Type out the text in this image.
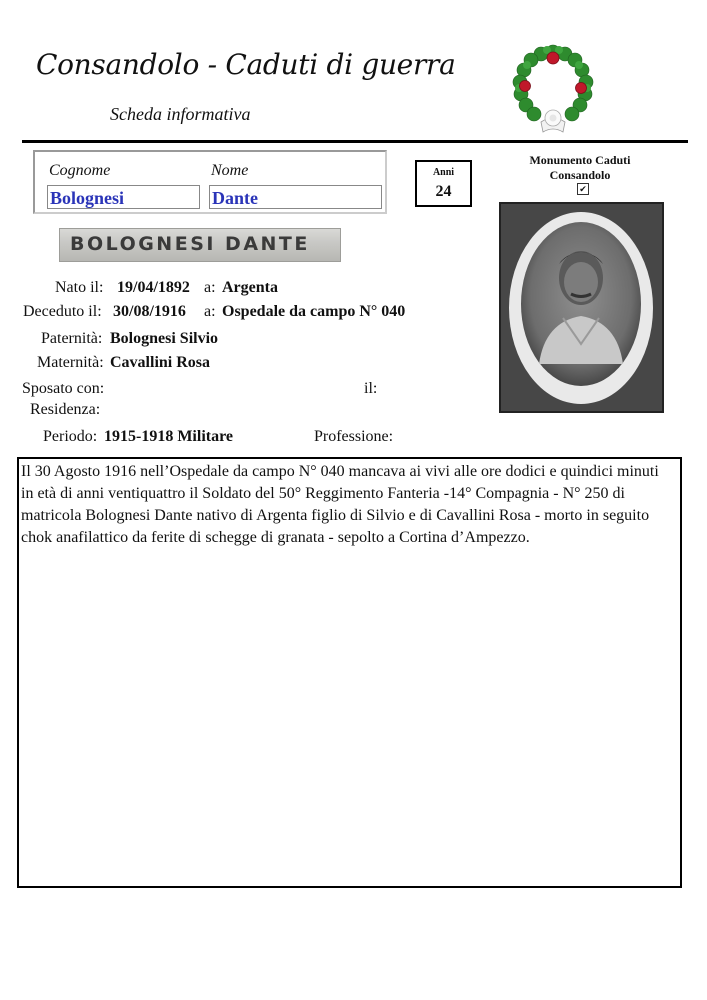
Consandolo - Caduti di guerra
Scheda informativa
Cognome	Nome
Bolognesi	Dante
Anni
24
Monumento Caduti
Consandolo
✔
BOLOGNESI DANTE
Nato il: 19/04/1892 a: Argenta
Deceduto il: 30/08/1916 a: Ospedale da campo N° 040
Paternità: Bolognesi Silvio
Maternità: Cavallini Rosa
Sposato con:	il:
Residenza:
Periodo: 1915-1918 Militare	Professione:

Il 30 Agosto 1916 nell’Ospedale da campo N° 040 mancava ai vivi alle ore dodici e quindici minuti

in età di anni ventiquattro il Soldato del 50° Reggimento Fanteria -14° Compagnia - N° 250 di

matricola Bolognesi Dante nativo di Argenta figlio di Silvio e di Cavallini Rosa - morto in seguito

chok anafilattico da ferite di schegge di granata - sepolto a Cortina d’Ampezzo.
